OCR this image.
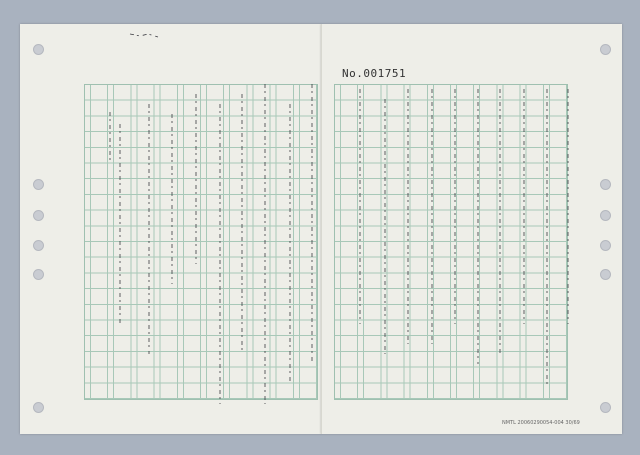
No.001751
NMTL 20060290054-004 30/69
